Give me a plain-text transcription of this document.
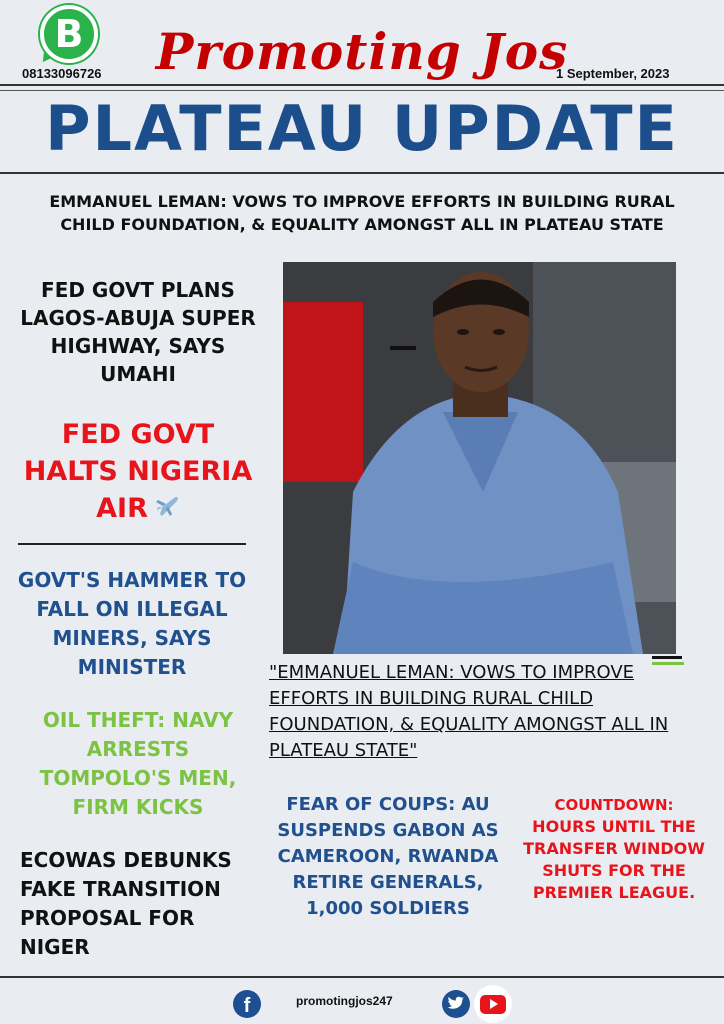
B
08133096726 Promoting Jos
1 September, 2023
PLATEAU UPDATE
EMMANUEL LEMAN: VOWS TO IMPROVE EFFORTS IN BUILDING RURAL CHILD FOUNDATION, & EQUALITY AMONGST ALL IN PLATEAU STATE
FED GOVT PLANS LAGOS-ABUJA SUPER HIGHWAY, SAYS UMAHI
FED GOVT HALTS NIGERIA AIR
GOVT'S HAMMER TO FALL ON ILLEGAL MINERS, SAYS MINISTER
OIL THEFT: NAVY ARRESTS TOMPOLO'S MEN, FIRM KICKS
ECOWAS DEBUNKS FAKE TRANSITION PROPOSAL FOR NIGER
"EMMANUEL LEMAN: VOWS TO IMPROVE EFFORTS IN BUILDING RURAL CHILD FOUNDATION, & EQUALITY AMONGST ALL IN PLATEAU STATE"
FEAR OF COUPS: AU SUSPENDS GABON AS CAMEROON, RWANDA RETIRE GENERALS, 1,000 SOLDIERS
COUNTDOWN:
HOURS UNTIL THE TRANSFER WINDOW SHUTS FOR THE PREMIER LEAGUE.
f	promotingjos247
